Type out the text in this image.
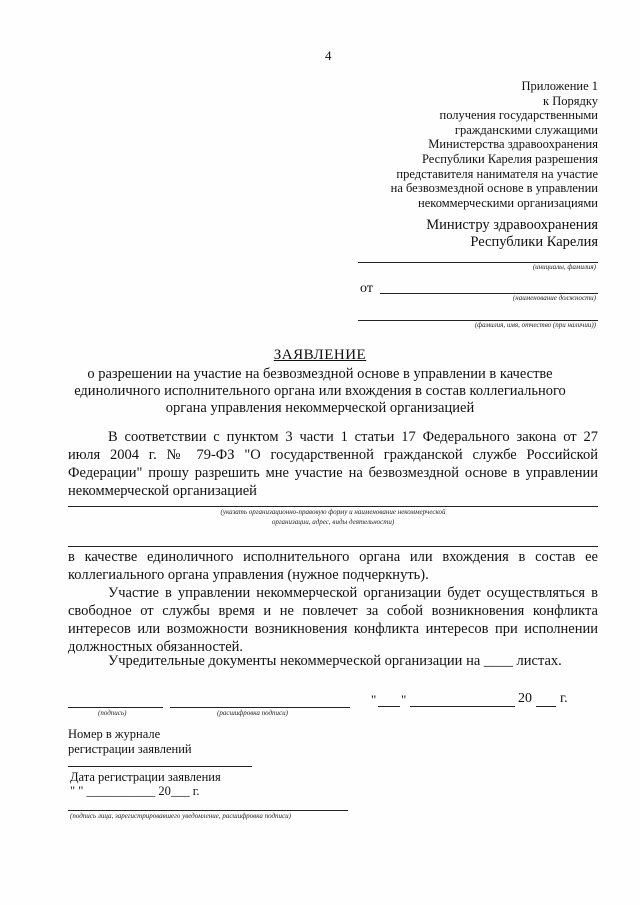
4
Приложение 1
к Порядку
получения государственными
гражданскими служащими
Министерства здравоохранения
Республики Карелия разрешения
представителя нанимателя на участие
на безвозмездной основе в управлении
некоммерческими организациями
Министру здравоохранения
Республики Карелия
(инициалы, фамилия)
от
(наименование должности)
(фамилия, имя, отчество (при наличии))
ЗАЯВЛЕНИЕ
о разрешении на участие на безвозмездной основе в управлении в качестве
единоличного исполнительного органа или вхождения в состав коллегиального
органа управления некоммерческой организацией
В соответствии с пунктом 3 части 1 статьи 17 Федерального закона от 27
июля 2004 г. № 79-ФЗ "О государственной гражданской службе Российской
Федерации" прошу разрешить мне участие на безвозмездной основе в управлении
некоммерческой организацией
(указать организационно-правовую форму и наименование некоммерческой
организации, адрес, виды деятельности)
в качестве единоличного исполнительного органа или вхождения в состав ее
коллегиального органа управления (нужное подчеркнуть).
Участие в управлении некоммерческой организации будет осуществляться в
свободное от службы время и не повлечет за собой возникновения конфликта
интересов или возможности возникновения конфликта интересов при исполнении
должностных обязанностей.
Учредительные документы некоммерческой организации на ____ листах.
(подпись)	(расшифровка подписи)
" "	20 г.
Номер в журнале
регистрации заявлений
Дата регистрации заявления
" " ___________ 20___ г.
(подпись лица, зарегистрировавшего уведомление, расшифровка подписи)
